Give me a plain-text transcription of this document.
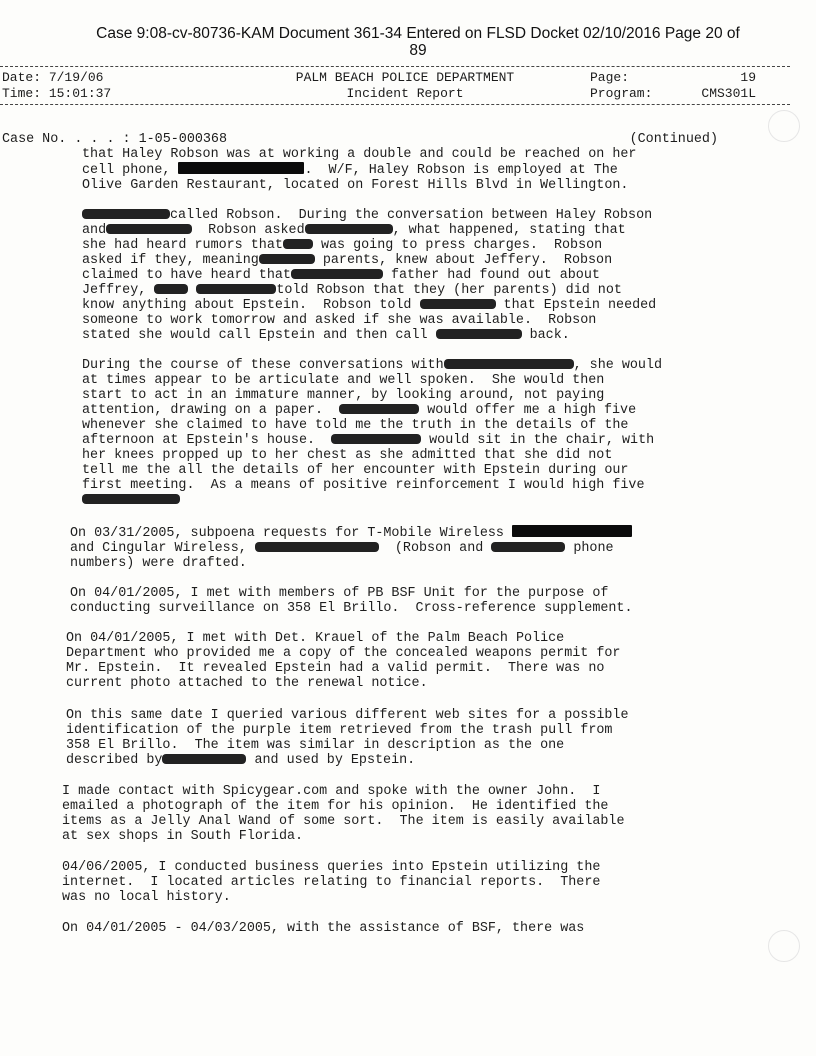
Case 9:08-cv-80736-KAM Document 361-34 Entered on FLSD Docket 02/10/2016 Page 20 of
89
Date: 7/19/06
Time: 15:01:37
PALM BEACH POLICE DEPARTMENT
Incident Report
Page:	19
Program:	CMS301L
Case No. . . . : 1-05-000368	(Continued)
that Haley Robson was at working a double and could be reached on her
cell phone,	.  W/F, Haley Robson is employed at The
Olive Garden Restaurant, located on Forest Hills Blvd in Wellington.
called Robson.  During the conversation between Haley Robson
and	Robson asked	, what happened, stating that
she had heard rumors that was going to press charges.  Robson
asked if they, meaning	parents, knew about Jeffery.  Robson
claimed to have heard that	father had found out about
Jeffrey,	told Robson that they (her parents) did not
know anything about Epstein.  Robson told	that Epstein needed
someone to work tomorrow and asked if she was available.  Robson
stated she would call Epstein and then call	back.
During the course of these conversations with	, she would
at times appear to be articulate and well spoken.  She would then
start to act in an immature manner, by looking around, not paying
attention, drawing on a paper.	would offer me a high five
whenever she claimed to have told me the truth in the details of the
afternoon at Epstein's house.	would sit in the chair, with
her knees propped up to her chest as she admitted that she did not
tell me the all the details of her encounter with Epstein during our
first meeting.  As a means of positive reinforcement I would high five
On 03/31/2005, subpoena requests for T-Mobile Wireless
and Cingular Wireless,	(Robson and	phone
numbers) were drafted.
On 04/01/2005, I met with members of PB BSF Unit for the purpose of
conducting surveillance on 358 El Brillo.  Cross-reference supplement.
On 04/01/2005, I met with Det. Krauel of the Palm Beach Police
Department who provided me a copy of the concealed weapons permit for
Mr. Epstein.  It revealed Epstein had a valid permit.  There was no
current photo attached to the renewal notice.
On this same date I queried various different web sites for a possible
identification of the purple item retrieved from the trash pull from
358 El Brillo.  The item was similar in description as the one
described by	and used by Epstein.
I made contact with Spicygear.com and spoke with the owner John.  I
emailed a photograph of the item for his opinion.  He identified the
items as a Jelly Anal Wand of some sort.  The item is easily available
at sex shops in South Florida.
04/06/2005, I conducted business queries into Epstein utilizing the
internet.  I located articles relating to financial reports.  There
was no local history.
On 04/01/2005 - 04/03/2005, with the assistance of BSF, there was
